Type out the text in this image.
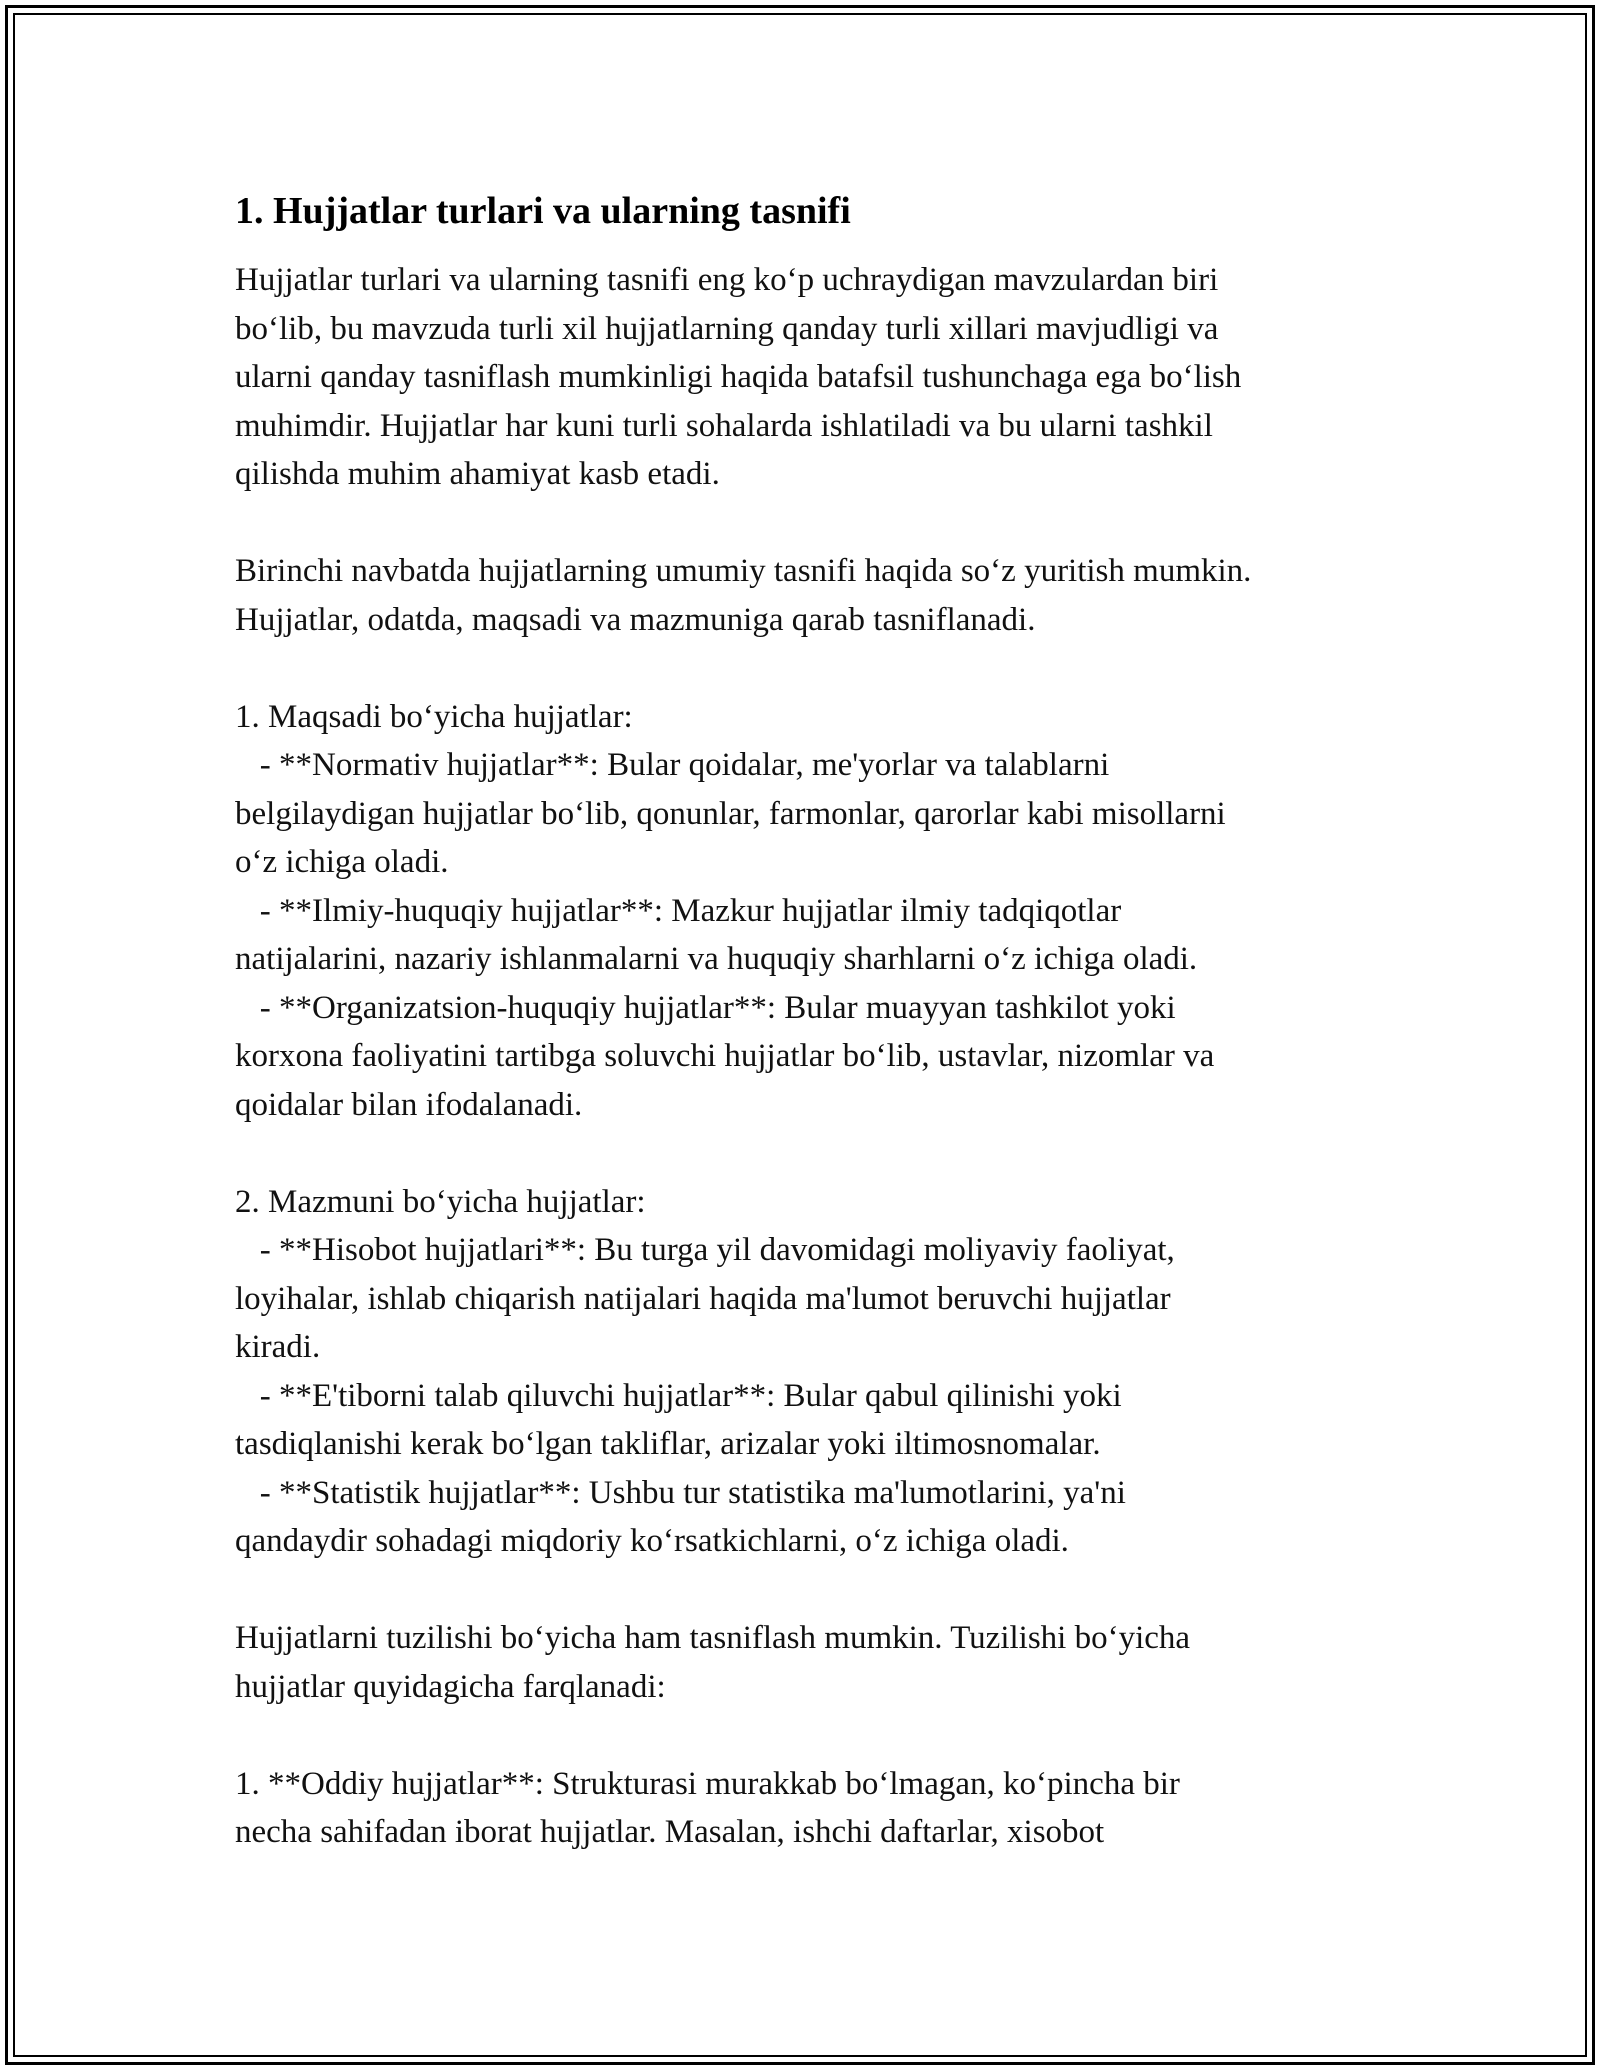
1. Hujjatlar turlari va ularning tasnifi
Hujjatlar turlari va ularning tasnifi eng ko‘p uchraydigan mavzulardan biri
bo‘lib, bu mavzuda turli xil hujjatlarning qanday turli xillari mavjudligi va
ularni qanday tasniflash mumkinligi haqida batafsil tushunchaga ega bo‘lish
muhimdir. Hujjatlar har kuni turli sohalarda ishlatiladi va bu ularni tashkil
qilishda muhim ahamiyat kasb etadi.
Birinchi navbatda hujjatlarning umumiy tasnifi haqida so‘z yuritish mumkin.
Hujjatlar, odatda, maqsadi va mazmuniga qarab tasniflanadi.
1. Maqsadi bo‘yicha hujjatlar:
- **Normativ hujjatlar**: Bular qoidalar, me'yorlar va talablarni
belgilaydigan hujjatlar bo‘lib, qonunlar, farmonlar, qarorlar kabi misollarni
o‘z ichiga oladi.
- **Ilmiy-huquqiy hujjatlar**: Mazkur hujjatlar ilmiy tadqiqotlar
natijalarini, nazariy ishlanmalarni va huquqiy sharhlarni o‘z ichiga oladi.
- **Organizatsion-huquqiy hujjatlar**: Bular muayyan tashkilot yoki
korxona faoliyatini tartibga soluvchi hujjatlar bo‘lib, ustavlar, nizomlar va
qoidalar bilan ifodalanadi.
2. Mazmuni bo‘yicha hujjatlar:
- **Hisobot hujjatlari**: Bu turga yil davomidagi moliyaviy faoliyat,
loyihalar, ishlab chiqarish natijalari haqida ma'lumot beruvchi hujjatlar
kiradi.
- **E'tiborni talab qiluvchi hujjatlar**: Bular qabul qilinishi yoki
tasdiqlanishi kerak bo‘lgan takliflar, arizalar yoki iltimosnomalar.
- **Statistik hujjatlar**: Ushbu tur statistika ma'lumotlarini, ya'ni
qandaydir sohadagi miqdoriy ko‘rsatkichlarni, o‘z ichiga oladi.
Hujjatlarni tuzilishi bo‘yicha ham tasniflash mumkin. Tuzilishi bo‘yicha
hujjatlar quyidagicha farqlanadi:
1. **Oddiy hujjatlar**: Strukturasi murakkab bo‘lmagan, ko‘pincha bir
necha sahifadan iborat hujjatlar. Masalan, ishchi daftarlar, xisobot
